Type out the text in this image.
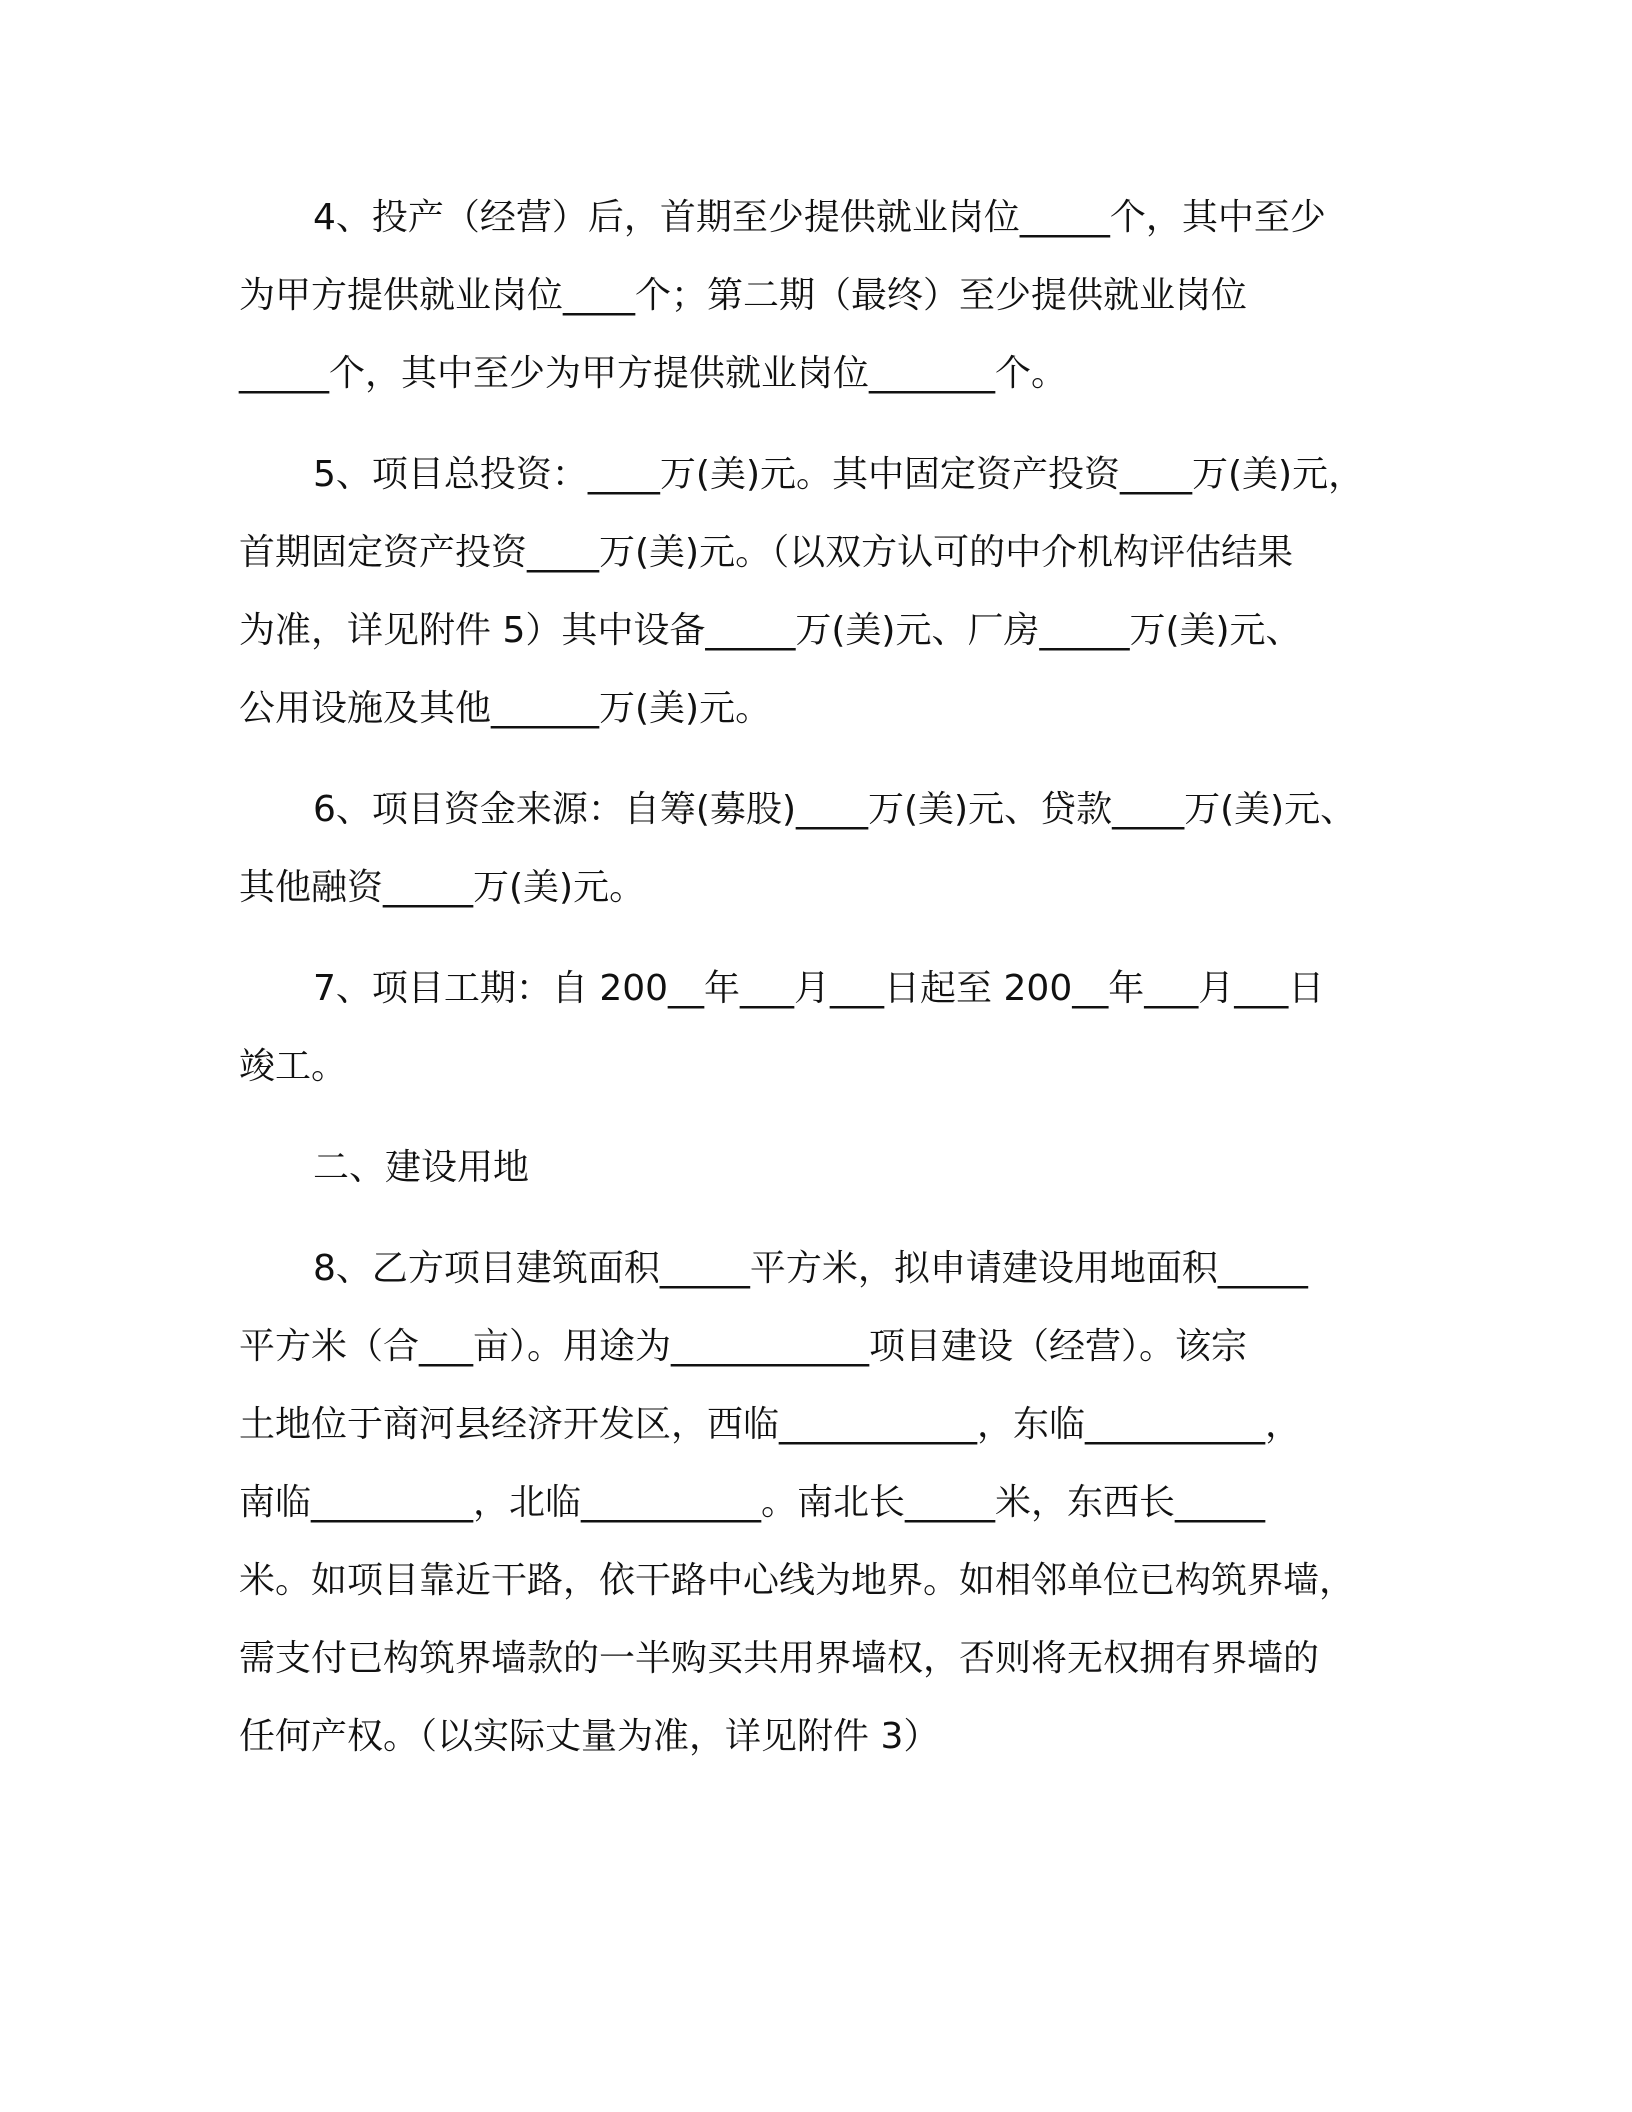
4、投产（经营）后，首期至少提供就业岗位_____个，其中至少

为甲方提供就业岗位____个；第二期（最终）至少提供就业岗位

_____个，其中至少为甲方提供就业岗位_______个。

5、项目总投资：____万(美)元。其中固定资产投资____万(美)元，

首期固定资产投资____万(美)元。（以双方认可的中介机构评估结果

为准，详见附件 5）其中设备_____万(美)元、厂房_____万(美)元、

公用设施及其他______万(美)元。

6、项目资金来源：自筹(募股)____万(美)元、贷款____万(美)元、

其他融资_____万(美)元。

7、项目工期：自 200__年___月___日起至 200__年___月___日

竣工。

二、建设用地

8、乙方项目建筑面积_____平方米，拟申请建设用地面积_____

平方米（合___亩）。用途为___________项目建设（经营）。该宗

土地位于商河县经济开发区，西临___________，东临__________，

南临_________，北临__________。南北长_____米，东西长_____

米。如项目靠近干路，依干路中心线为地界。如相邻单位已构筑界墙，

需支付已构筑界墙款的一半购买共用界墙权，否则将无权拥有界墙的

任何产权。（以实际丈量为准，详见附件 3）
